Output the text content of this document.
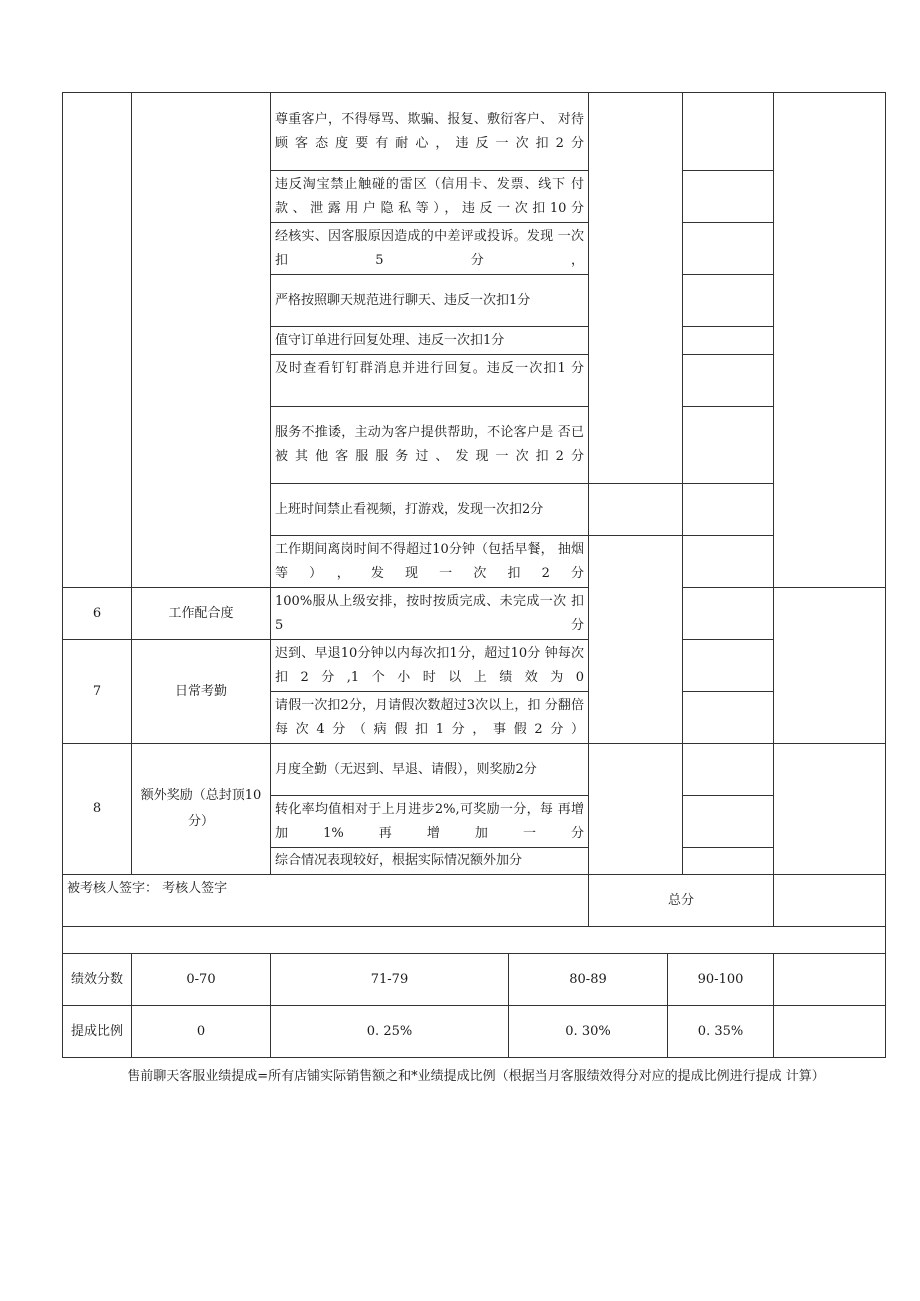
		尊重客户，不得辱骂、欺骗、报复、敷衍客户、 对待顾客态度要有耐心，违反一次扣2分					
		违反淘宝禁止触碰的雷区（信用卡、发票、线下 付款、泄露用户隐私等），违反一次扣10分					
		经核实、因客服原因造成的中差评或投诉。发现 一次扣5分，					
		严格按照聊天规范进行聊天、违反一次扣1分					
		值守订单进行回复处理、违反一次扣1分					
		及时查看钉钉群消息并进行回复。违反一次扣1 分					
		服务不推诿，主动为客户提供帮助，不论客户是 否已被其他客服服务过、发现一次扣2分					
		上班时间禁止看视频，打游戏，发现一次扣2分					
		工作期间离岗时间不得超过10分钟（包括早餐， 抽烟等），发现一次扣2分					
6	工作配合度	100%服从上级安排，按时按质完成、未完成一次 扣5分					
7	日常考勤	迟到、早退10分钟以内每次扣1分，超过10分 钟每次扣2分,1个小时以上绩效为0					
		请假一次扣2分，月请假次数超过3次以上，扣 分翻倍每次4分（病假扣1分，事假2分）					
8	额外奖励（总封顶10分）	月度全勤（无迟到、早退、请假），则奖励2分					
		转化率均值相对于上月进步2%,可奖励一分，每 再增加1%再增加一分					
		综合情况表现较好，根据实际情况额外加分					
被考核人签字： 考核人签字				总分			

绩效分数	0-70	71-79	80-89		90-100		
提成比例	0	0. 25%	0. 30%		0. 35%		
售前聊天客服业绩提成=所有店铺实际销售额之和*业绩提成比例（根据当月客服绩效得分对应的提成比例进行提成 计算）
